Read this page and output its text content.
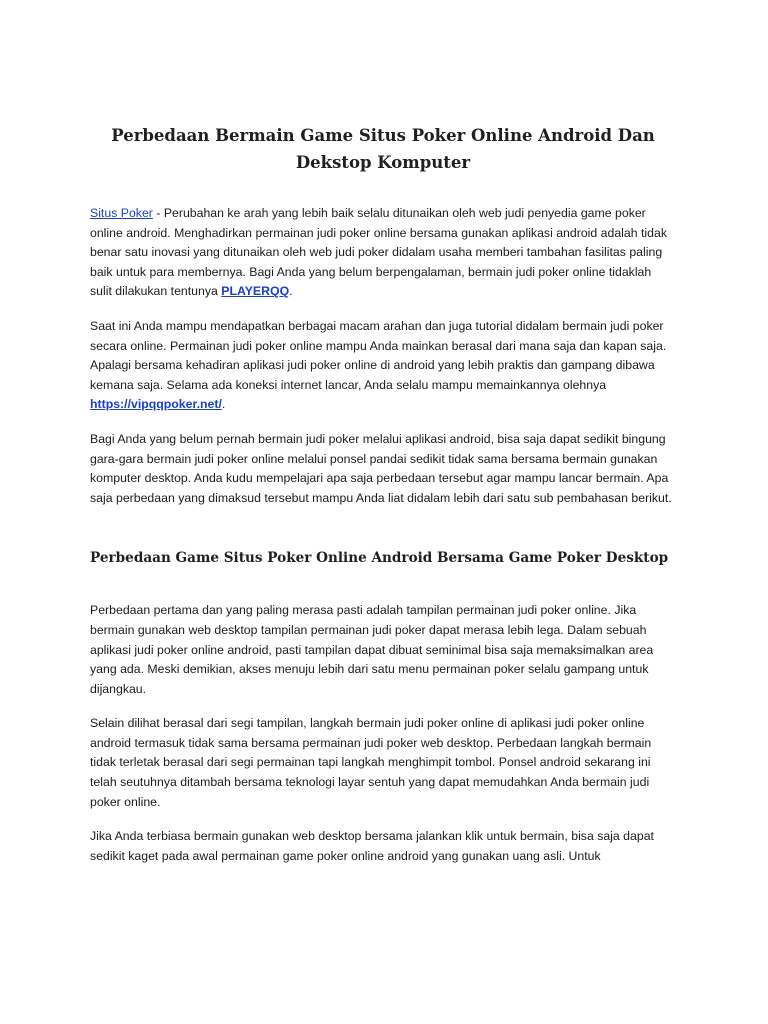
Perbedaan Bermain Game Situs Poker Online Android Dan Dekstop Komputer

Situs Poker - Perubahan ke arah yang lebih baik selalu ditunaikan oleh web judi penyedia game poker online android. Menghadirkan permainan judi poker online bersama gunakan aplikasi android adalah tidak benar satu inovasi yang ditunaikan oleh web judi poker didalam usaha memberi tambahan fasilitas paling baik untuk para membernya. Bagi Anda yang belum berpengalaman, bermain judi poker online tidaklah sulit dilakukan tentunya PLAYERQQ.

Saat ini Anda mampu mendapatkan berbagai macam arahan dan juga tutorial didalam bermain judi poker secara online. Permainan judi poker online mampu Anda mainkan berasal dari mana saja dan kapan saja. Apalagi bersama kehadiran aplikasi judi poker online di android yang lebih praktis dan gampang dibawa kemana saja. Selama ada koneksi internet lancar, Anda selalu mampu memainkannya olehnya https://vipqqpoker.net/.

Bagi Anda yang belum pernah bermain judi poker melalui aplikasi android, bisa saja dapat sedikit bingung gara-gara bermain judi poker online melalui ponsel pandai sedikit tidak sama bersama bermain gunakan komputer desktop. Anda kudu mempelajari apa saja perbedaan tersebut agar mampu lancar bermain. Apa saja perbedaan yang dimaksud tersebut mampu Anda liat didalam lebih dari satu sub pembahasan berikut.

Perbedaan Game Situs Poker Online Android Bersama Game Poker Desktop

Perbedaan pertama dan yang paling merasa pasti adalah tampilan permainan judi poker online. Jika bermain gunakan web desktop tampilan permainan judi poker dapat merasa lebih lega. Dalam sebuah aplikasi judi poker online android, pasti tampilan dapat dibuat seminimal bisa saja memaksimalkan area yang ada. Meski demikian, akses menuju lebih dari satu menu permainan poker selalu gampang untuk dijangkau.

Selain dilihat berasal dari segi tampilan, langkah bermain judi poker online di aplikasi judi poker online android termasuk tidak sama bersama permainan judi poker web desktop. Perbedaan langkah bermain tidak terletak berasal dari segi permainan tapi langkah menghimpit tombol. Ponsel android sekarang ini telah seutuhnya ditambah bersama teknologi layar sentuh yang dapat memudahkan Anda bermain judi poker online.

Jika Anda terbiasa bermain gunakan web desktop bersama jalankan klik untuk bermain, bisa saja dapat sedikit kaget pada awal permainan game poker online android yang gunakan uang asli. Untuk
